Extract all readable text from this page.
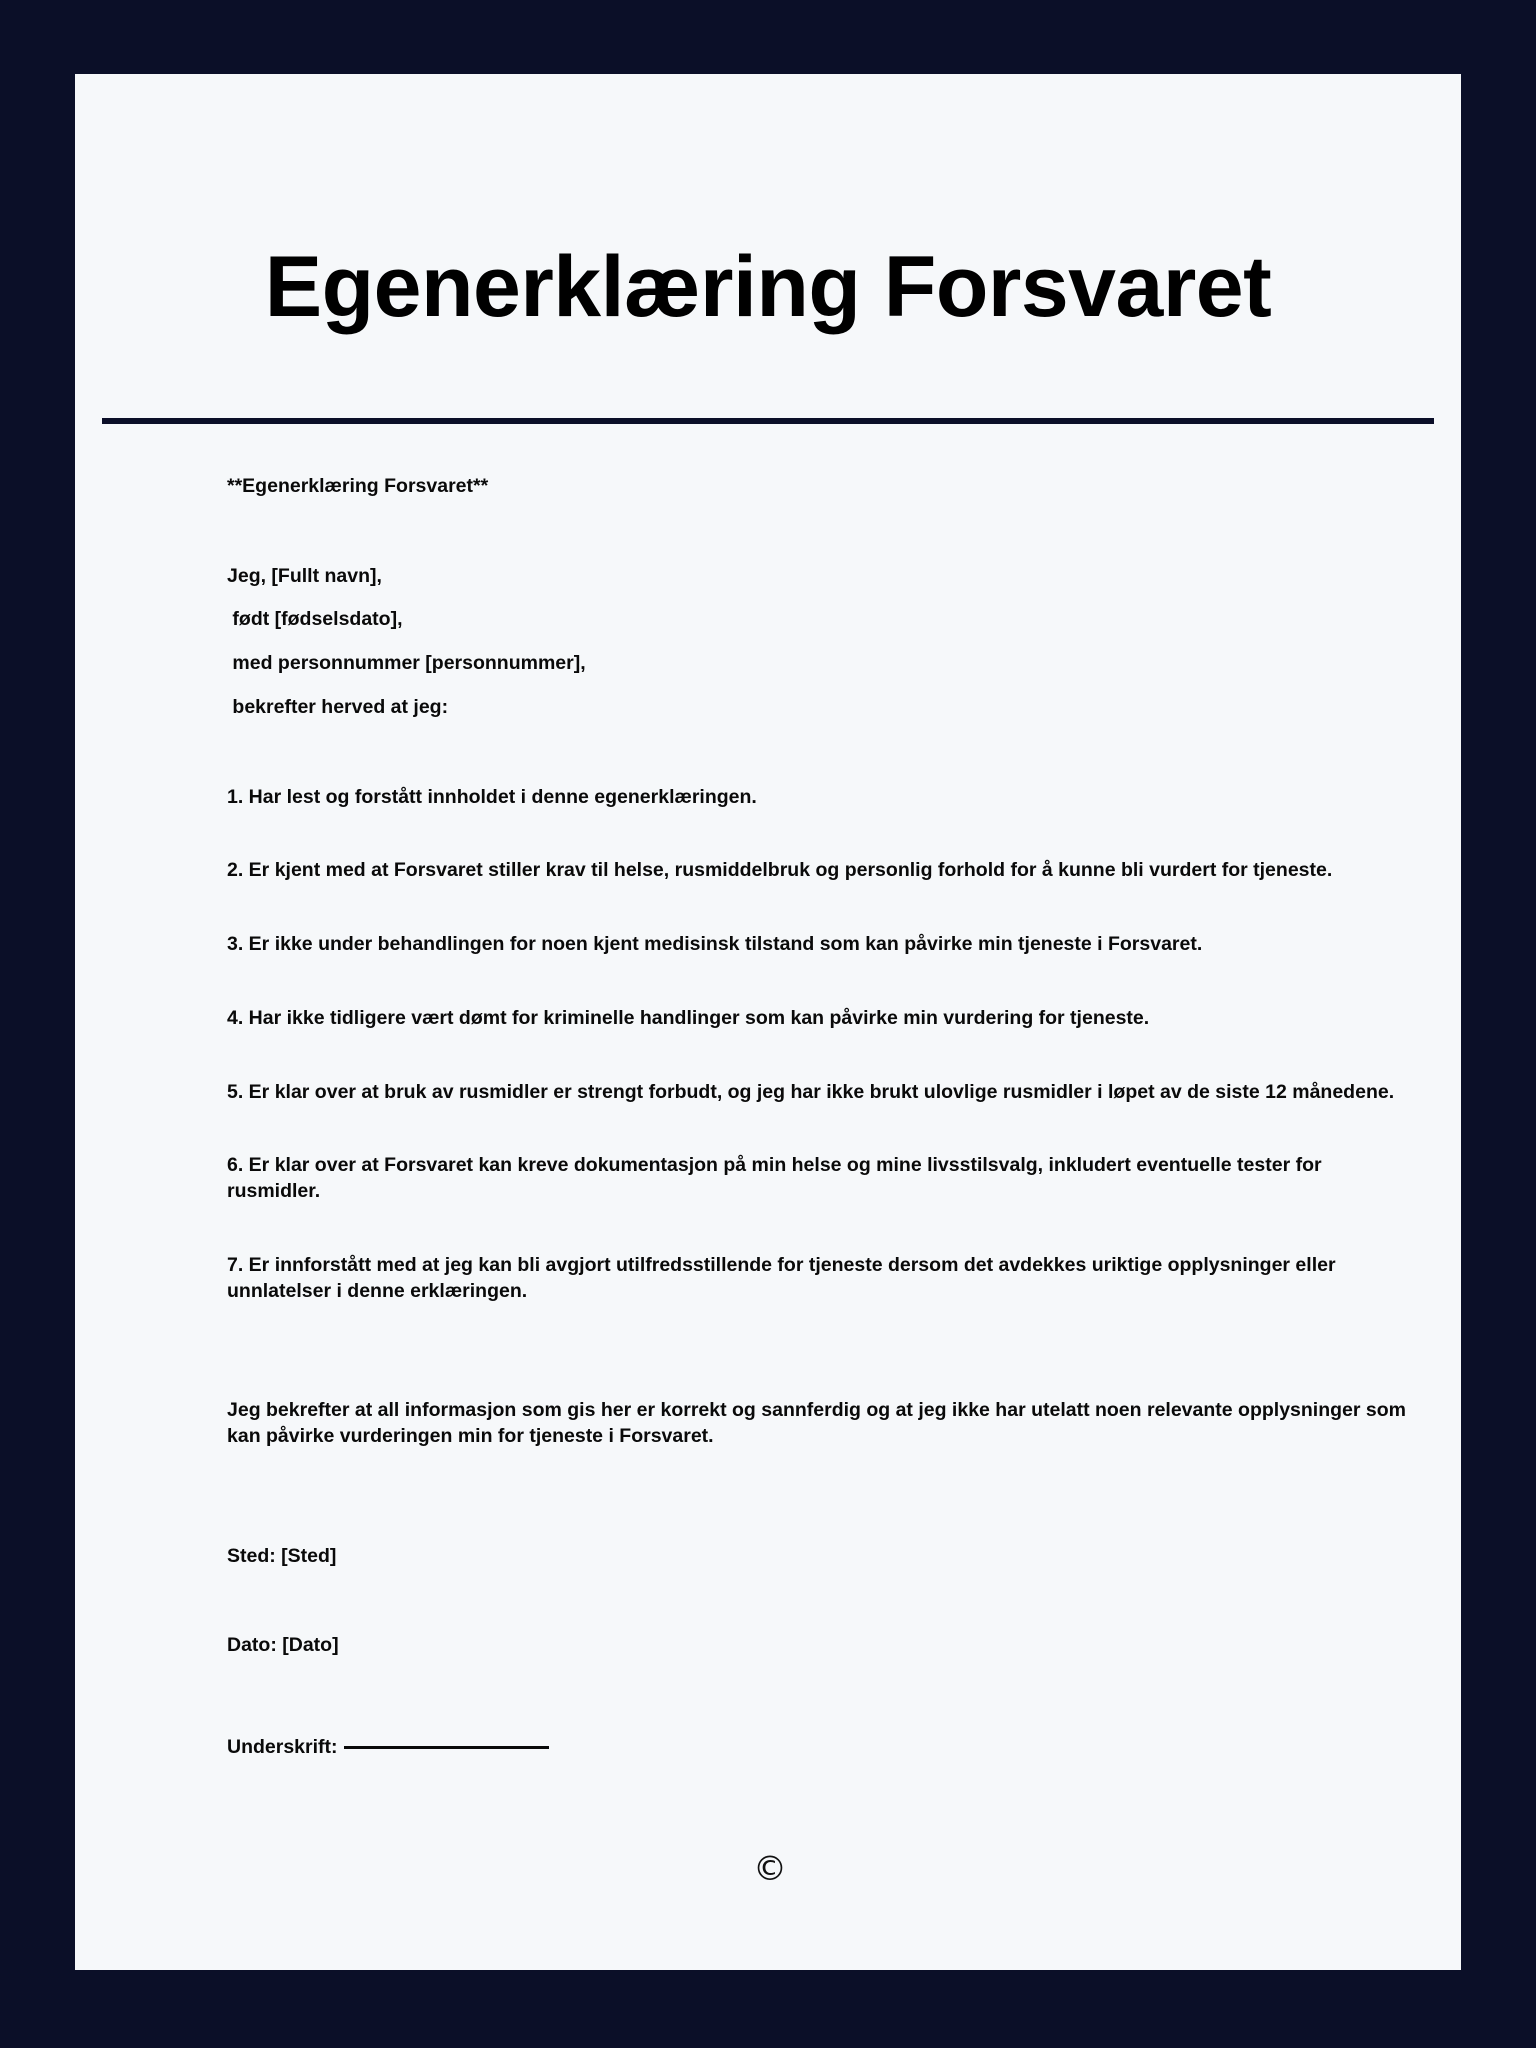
Egenerklæring Forsvaret

**Egenerklæring Forsvaret**

Jeg, [Fullt navn],

født [fødselsdato],

med personnummer [personnummer],

bekrefter herved at jeg:

1. Har lest og forstått innholdet i denne egenerklæringen.

2. Er kjent med at Forsvaret stiller krav til helse, rusmiddelbruk og personlig forhold for å kunne bli vurdert for tjeneste.

3. Er ikke under behandlingen for noen kjent medisinsk tilstand som kan påvirke min tjeneste i Forsvaret.

4. Har ikke tidligere vært dømt for kriminelle handlinger som kan påvirke min vurdering for tjeneste.

5. Er klar over at bruk av rusmidler er strengt forbudt, og jeg har ikke brukt ulovlige rusmidler i løpet av de siste 12 månedene.

6. Er klar over at Forsvaret kan kreve dokumentasjon på min helse og mine livsstilsvalg, inkludert eventuelle tester for rusmidler.

7. Er innforstått med at jeg kan bli avgjort utilfredsstillende for tjeneste dersom det avdekkes uriktige opplysninger eller unnlatelser i denne erklæringen.

Jeg bekrefter at all informasjon som gis her er korrekt og sannferdig og at jeg ikke har utelatt noen relevante opplysninger som kan påvirke vurderingen min for tjeneste i Forsvaret.

Sted: [Sted]

Dato: [Dato]

Underskrift:

©
